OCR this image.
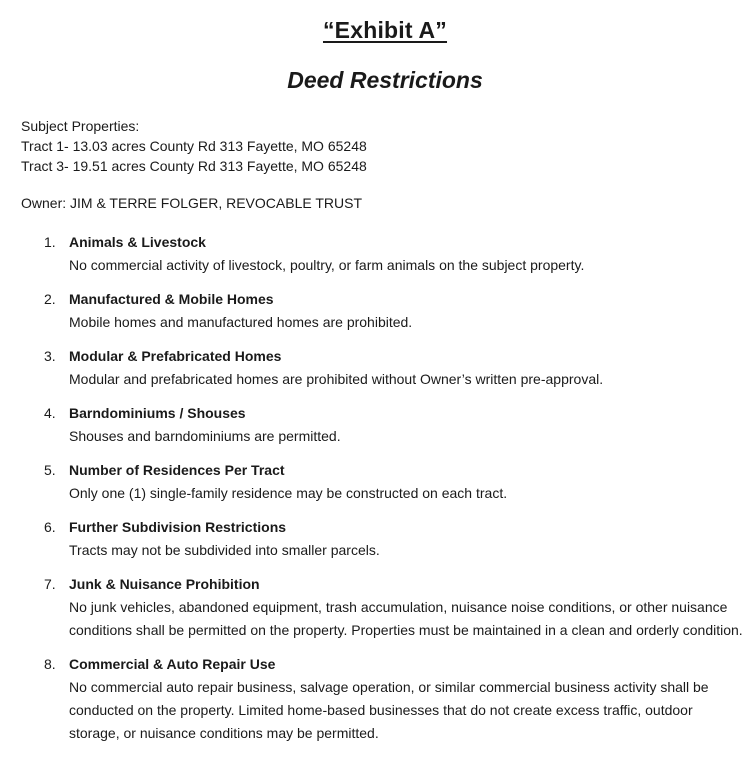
“Exhibit A”
Deed Restrictions
Subject Properties:
Tract 1- 13.03 acres County Rd 313 Fayette, MO 65248
Tract 3- 19.51 acres County Rd 313 Fayette, MO 65248
Owner: JIM & TERRE FOLGER, REVOCABLE TRUST
1. Animals & Livestock
No commercial activity of livestock, poultry, or farm animals on the subject property.
2. Manufactured & Mobile Homes
Mobile homes and manufactured homes are prohibited.
3. Modular & Prefabricated Homes
Modular and prefabricated homes are prohibited without Owner’s written pre-approval.
4. Barndominiums / Shouses
Shouses and barndominiums are permitted.
5. Number of Residences Per Tract
Only one (1) single-family residence may be constructed on each tract.
6. Further Subdivision Restrictions
Tracts may not be subdivided into smaller parcels.
7. Junk & Nuisance Prohibition
No junk vehicles, abandoned equipment, trash accumulation, nuisance noise conditions, or other nuisance conditions shall be permitted on the property. Properties must be maintained in a clean and orderly condition.
8. Commercial & Auto Repair Use
No commercial auto repair business, salvage operation, or similar commercial business activity shall be conducted on the property. Limited home-based businesses that do not create excess traffic, outdoor storage, or nuisance conditions may be permitted.
